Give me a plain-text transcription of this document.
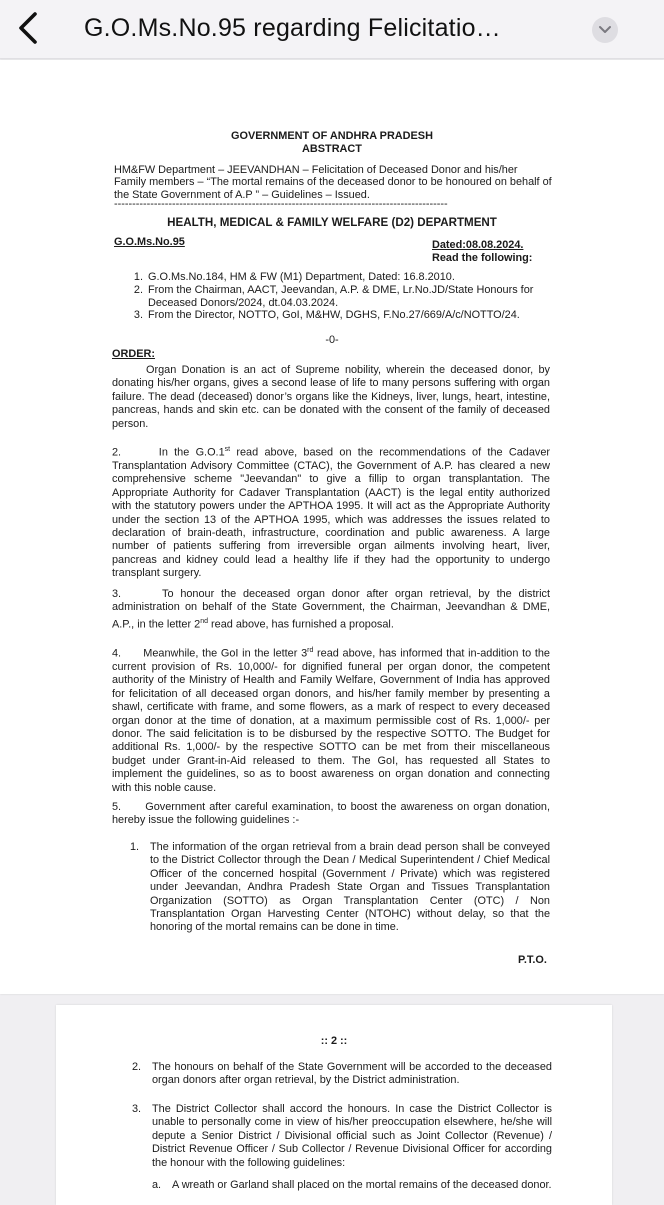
G.O.Ms.No.95 regarding Felicitatio…
GOVERNMENT OF ANDHRA PRADESH
ABSTRACT
HM&FW Department – JEEVANDHAN – Felicitation of Deceased Donor and his/her Family members – “The mortal remains of the deceased donor to be honoured on behalf of the State Government of A.P ” – Guidelines – Issued.
--------------------------------------------------------------------------------------------
HEALTH, MEDICAL & FAMILY WELFARE (D2) DEPARTMENT
G.O.Ms.No.95	Dated:08.08.2024.
Read the following:
1. G.O.Ms.No.184, HM & FW (M1) Department, Dated: 16.8.2010.
2. From the Chairman, AACT, Jeevandan, A.P. & DME, Lr.No.JD/State Honours for Deceased Donors/2024, dt.04.03.2024.
3. From the Director, NOTTO, GoI, M&HW, DGHS, F.No.27/669/A/c/NOTTO/24.
-0-
ORDER:
Organ Donation is an act of Supreme nobility, wherein the deceased donor, by donating his/her organs, gives a second lease of life to many persons suffering with organ failure. The dead (deceased) donor’s organs like the Kidneys, liver, lungs, heart, intestine, pancreas, hands and skin etc. can be donated with the consent of the family of deceased person.
2.	In the G.O.1st read above, based on the recommendations of the Cadaver Transplantation Advisory Committee (CTAC), the Government of A.P. has cleared a new comprehensive scheme "Jeevandan" to give a fillip to organ transplantation. The Appropriate Authority for Cadaver Transplantation (AACT) is the legal entity authorized with the statutory powers under the APTHOA 1995. It will act as the Appropriate Authority under the section 13 of the APTHOA 1995, which was addresses the issues related to declaration of brain-death, infrastructure, coordination and public awareness. A large number of patients suffering from irreversible organ ailments involving heart, liver, pancreas and kidney could lead a healthy life if they had the opportunity to undergo transplant surgery.
3.	To honour the deceased organ donor after organ retrieval, by the district administration on behalf of the State Government, the Chairman, Jeevandhan & DME, A.P., in the letter 2nd read above, has furnished a proposal.
4. Meanwhile, the GoI in the letter 3rd read above, has informed that in-addition to the current provision of Rs. 10,000/- for dignified funeral per organ donor, the competent authority of the Ministry of Health and Family Welfare, Government of India has approved for felicitation of all deceased organ donors, and his/her family member by presenting a shawl, certificate with frame, and some flowers, as a mark of respect to every deceased organ donor at the time of donation, at a maximum permissible cost of Rs. 1,000/- per donor. The said felicitation is to be disbursed by the respective SOTTO. The Budget for additional Rs. 1,000/- by the respective SOTTO can be met from their miscellaneous budget under Grant-in-Aid released to them. The GoI, has requested all States to implement the guidelines, so as to boost awareness on organ donation and connecting with this noble cause.
5. Government after careful examination, to boost the awareness on organ donation, hereby issue the following guidelines :-
1. The information of the organ retrieval from a brain dead person shall be conveyed to the District Collector through the Dean / Medical Superintendent / Chief Medical Officer of the concerned hospital (Government / Private) which was registered under Jeevandan, Andhra Pradesh State Organ and Tissues Transplantation Organization (SOTTO) as Organ Transplantation Center (OTC) / Non Transplantation Organ Harvesting Center (NTOHC) without delay, so that the honoring of the mortal remains can be done in time.
P.T.O.
:: 2 ::
2. The honours on behalf of the State Government will be accorded to the deceased organ donors after organ retrieval, by the District administration.
3. The District Collector shall accord the honours. In case the District Collector is unable to personally come in view of his/her preoccupation elsewhere, he/she will depute a Senior District / Divisional official such as Joint Collector (Revenue) / District Revenue Officer / Sub Collector / Revenue Divisional Officer for according the honour with the following guidelines:
a. A wreath or Garland shall placed on the mortal remains of the deceased donor.
